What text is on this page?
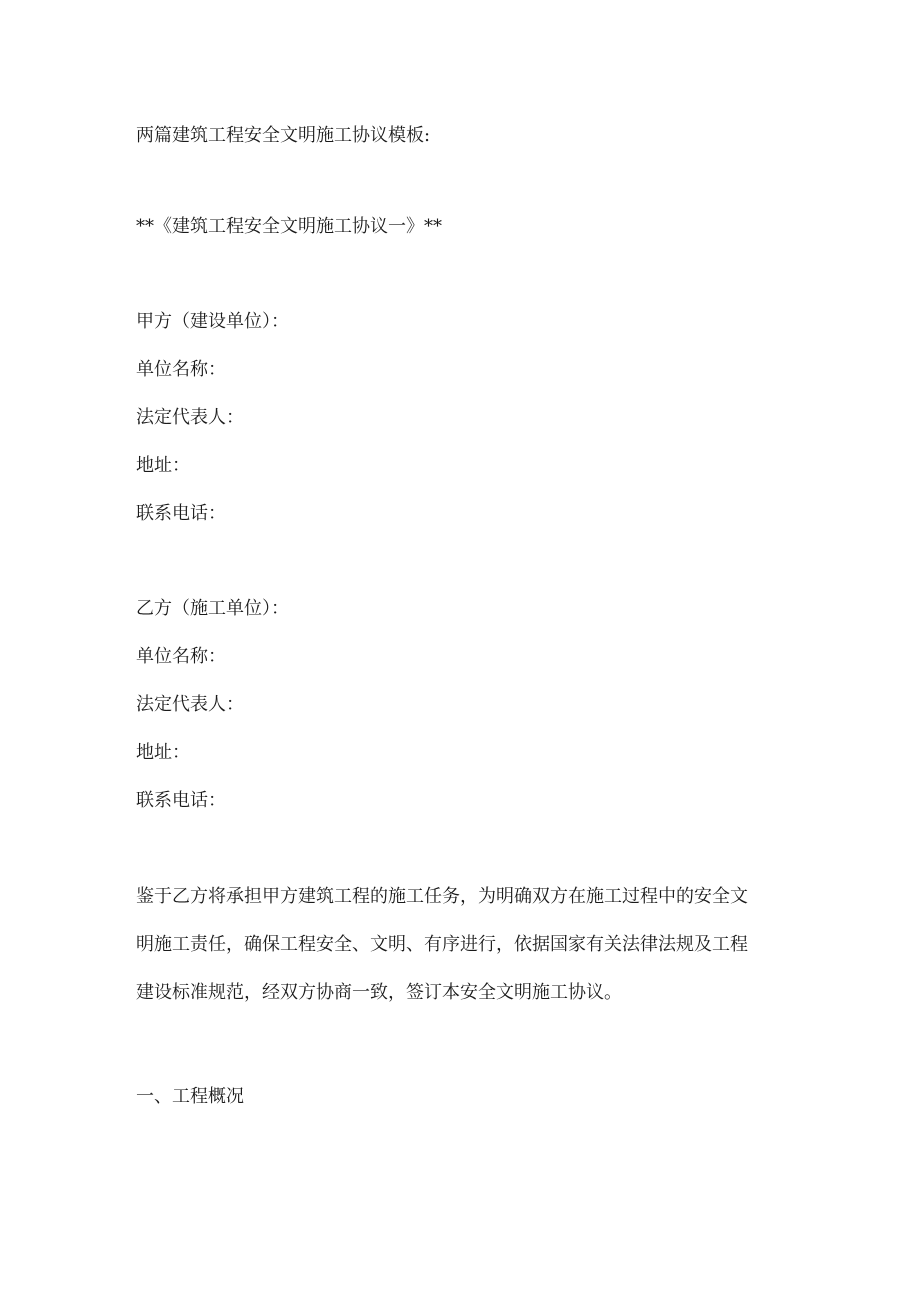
两篇建筑工程安全文明施工协议模板:
**《建筑工程安全文明施工协议一》**
甲方（建设单位）：
单位名称：
法定代表人：
地址：
联系电话：
乙方（施工单位）：
单位名称：
法定代表人：
地址：
联系电话：
鉴于乙方将承担甲方建筑工程的施工任务，为明确双方在施工过程中的安全文
明施工责任，确保工程安全、文明、有序进行，依据国家有关法律法规及工程
建设标准规范，经双方协商一致，签订本安全文明施工协议。
一、工程概况
